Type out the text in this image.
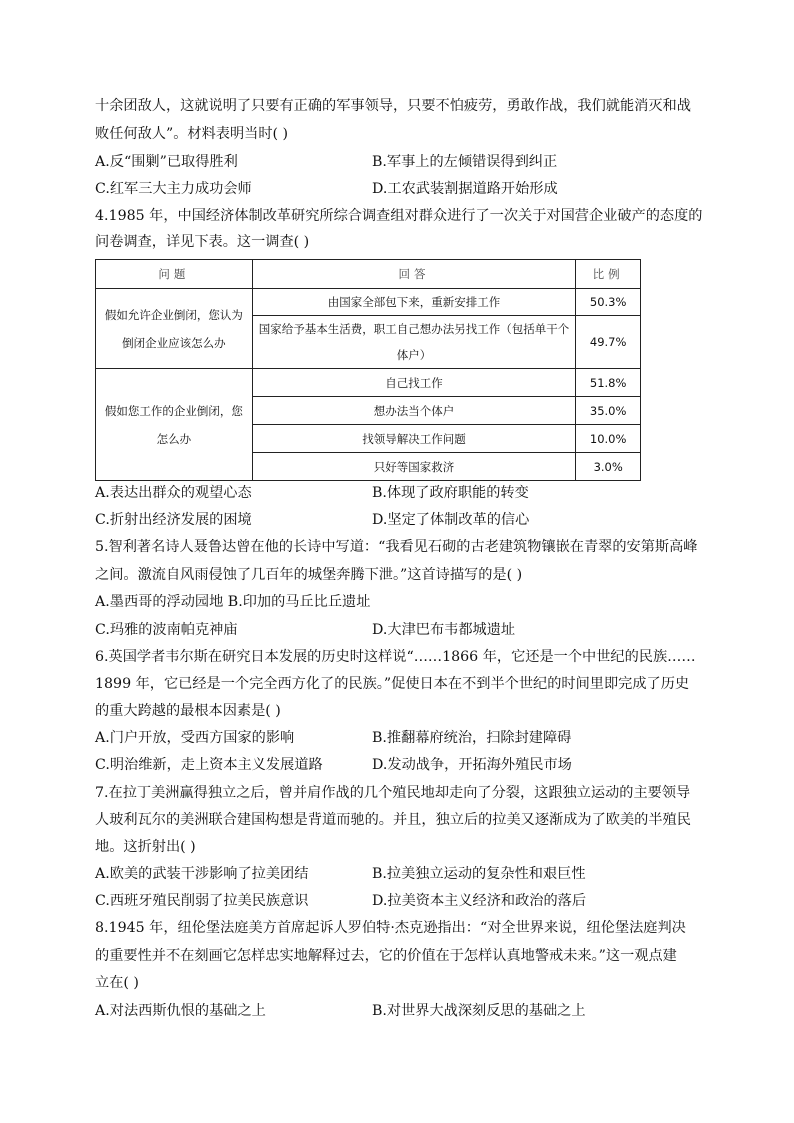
十余团敌人，这就说明了只要有正确的军事领导，只要不怕疲劳，勇敢作战，我们就能消灭和战
败任何敌人”。材料表明当时( )
A.反“围剿”已取得胜利	B.军事上的左倾错误得到纠正
C.红军三大主力成功会师	D.工农武装割据道路开始形成
4.1985 年，中国经济体制改革研究所综合调查组对群众进行了一次关于对国营企业破产的态度的
问卷调查，详见下表。这一调查( )
问题	回答	比例
假如允许企业倒闭，您认为倒闭企业应该怎么办	由国家全部包下来，重新安排工作	50.3%
	国家给予基本生活费，职工自己想办法另找工作（包括单干个体户）	49.7%
假如您工作的企业倒闭，您怎么办	自己找工作	51.8%
	想办法当个体户	35.0%
	找领导解决工作问题	10.0%
	只好等国家救济	3.0%
A.表达出群众的观望心态	B.体现了政府职能的转变
C.折射出经济发展的困境	D.坚定了体制改革的信心
5.智利著名诗人聂鲁达曾在他的长诗中写道：“我看见石砌的古老建筑物镶嵌在青翠的安第斯高峰
之间。激流自风雨侵蚀了几百年的城堡奔腾下泄。”这首诗描写的是( )
A.墨西哥的浮动园地 B.印加的马丘比丘遗址
C.玛雅的波南帕克神庙	D.大津巴布韦都城遗址
6.英国学者韦尔斯在研究日本发展的历史时这样说“……1866 年，它还是一个中世纪的民族……
1899 年，它已经是一个完全西方化了的民族。”促使日本在不到半个世纪的时间里即完成了历史
的重大跨越的最根本因素是( )
A.门户开放，受西方国家的影响	B.推翻幕府统治，扫除封建障碍
C.明治维新，走上资本主义发展道路	D.发动战争，开拓海外殖民市场
7.在拉丁美洲赢得独立之后，曾并肩作战的几个殖民地却走向了分裂，这跟独立运动的主要领导
人玻利瓦尔的美洲联合建国构想是背道而驰的。并且，独立后的拉美又逐渐成为了欧美的半殖民
地。这折射出( )
A.欧美的武装干涉影响了拉美团结	B.拉美独立运动的复杂性和艰巨性
C.西班牙殖民削弱了拉美民族意识	D.拉美资本主义经济和政治的落后
8.1945 年，纽伦堡法庭美方首席起诉人罗伯特·杰克逊指出：“对全世界来说，纽伦堡法庭判决
的重要性并不在刻画它怎样忠实地解释过去，它的价值在于怎样认真地警戒未来。”这一观点建
立在( )
A.对法西斯仇恨的基础之上	B.对世界大战深刻反思的基础之上
